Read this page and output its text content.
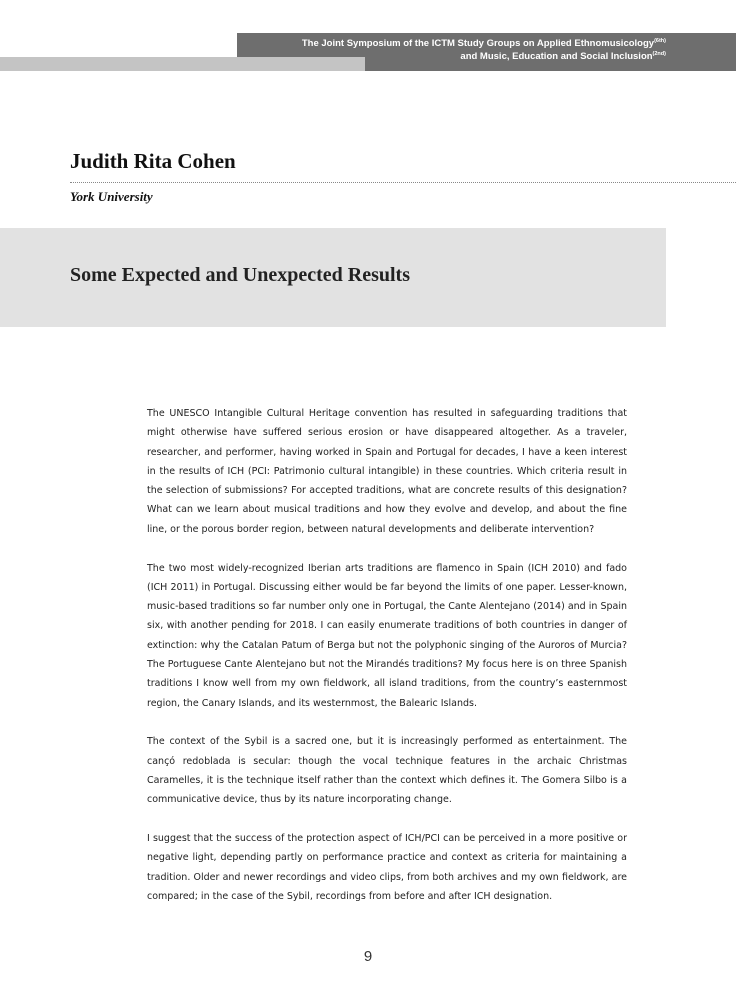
The Joint Symposium of the ICTM Study Groups on Applied Ethnomusicology$^{(6th)}$
and Music, Education and Social Inclusion$^{(2nd)}$
Judith Rita Cohen

York University

Some Expected and Unexpected Results

The UNESCO Intangible Cultural Heritage convention has resulted in safeguarding traditions that might otherwise have suffered serious erosion or have disappeared altogether. As a traveler, researcher, and performer, having worked in Spain and Portugal for decades, I have a keen interest in the results of ICH (PCI: Patrimonio cultural intangible) in these countries. Which criteria result in the selection of submissions? For accepted traditions, what are concrete results of this designation? What can we learn about musical traditions and how they evolve and develop, and about the fine line, or the porous border region, between natural developments and deliberate intervention?

The two most widely-recognized Iberian arts traditions are flamenco in Spain (ICH 2010) and fado (ICH 2011) in Portugal. Discussing either would be far beyond the limits of one paper. Lesser-known, music-based traditions so far number only one in Portugal, the Cante Alentejano (2014) and in Spain six, with another pending for 2018. I can easily enumerate traditions of both countries in danger of extinction: why the Catalan Patum of Berga but not the polyphonic singing of the Auroros of Murcia? The Portuguese Cante Alentejano but not the Mirandés traditions? My focus here is on three Spanish traditions I know well from my own fieldwork, all island traditions, from the country’s easternmost region, the Canary Islands, and its westernmost, the Balearic Islands.

The context of the Sybil is a sacred one, but it is increasingly performed as entertainment. The cançó redoblada is secular: though the vocal technique features in the archaic Christmas Caramelles, it is the technique itself rather than the context which defines it. The Gomera Silbo is a communicative device, thus by its nature incorporating change.

I suggest that the success of the protection aspect of ICH/PCI can be perceived in a more positive or negative light, depending partly on performance practice and context as criteria for maintaining a tradition. Older and newer recordings and video clips, from both archives and my own fieldwork, are compared; in the case of the Sybil, recordings from before and after ICH designation.

9
